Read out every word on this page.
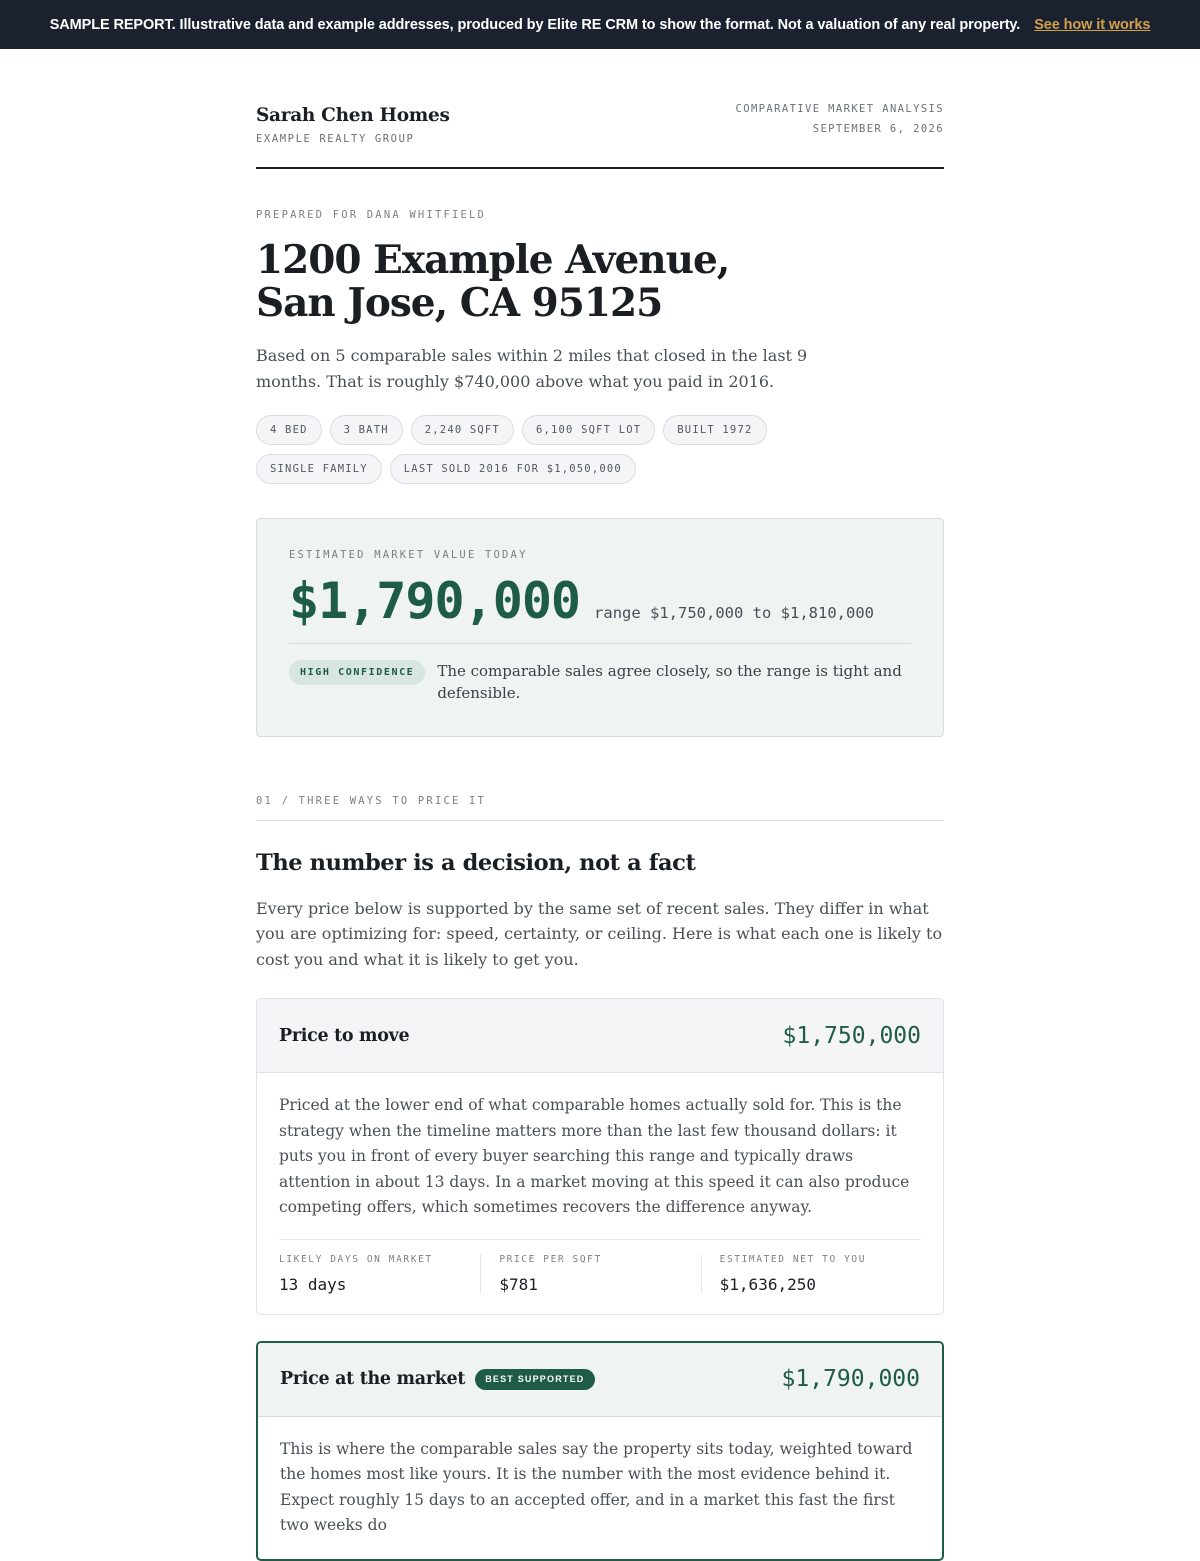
SAMPLE REPORT. Illustrative data and example addresses, produced by Elite RE CRM to show the format. Not a valuation of any real property. See how it works
Sarah Chen Homes
EXAMPLE REALTY GROUP
COMPARATIVE MARKET ANALYSIS
SEPTEMBER 6, 2026
PREPARED FOR DANA WHITFIELD
1200 Example Avenue, San Jose, CA 95125
Based on 5 comparable sales within 2 miles that closed in the last 9 months. That is roughly $740,000 above what you paid in 2016.
4 BED	3 BATH	2,240 SQFT	6,100 SQFT LOT	BUILT 1972
SINGLE FAMILY	LAST SOLD 2016 FOR $1,050,000
ESTIMATED MARKET VALUE TODAY
$1,790,000 range $1,750,000 to $1,810,000
HIGH CONFIDENCE	The comparable sales agree closely, so the range is tight and defensible.
01 / THREE WAYS TO PRICE IT
The number is a decision, not a fact
Every price below is supported by the same set of recent sales. They differ in what you are optimizing for: speed, certainty, or ceiling. Here is what each one is likely to cost you and what it is likely to get you.
Price to move	$1,750,000
Priced at the lower end of what comparable homes actually sold for. This is the strategy when the timeline matters more than the last few thousand dollars: it puts you in front of every buyer searching this range and typically draws attention in about 13 days. In a market moving at this speed it can also produce competing offers, which sometimes recovers the difference anyway.
LIKELY DAYS ON MARKET
13 days
PRICE PER SQFT
$781
ESTIMATED NET TO YOU
$1,636,250
Price at the market	BEST SUPPORTED	$1,790,000
This is where the comparable sales say the property sits today, weighted toward the homes most like yours. It is the number with the most evidence behind it. Expect roughly 15 days to an accepted offer, and in a market this fast the first two weeks do
